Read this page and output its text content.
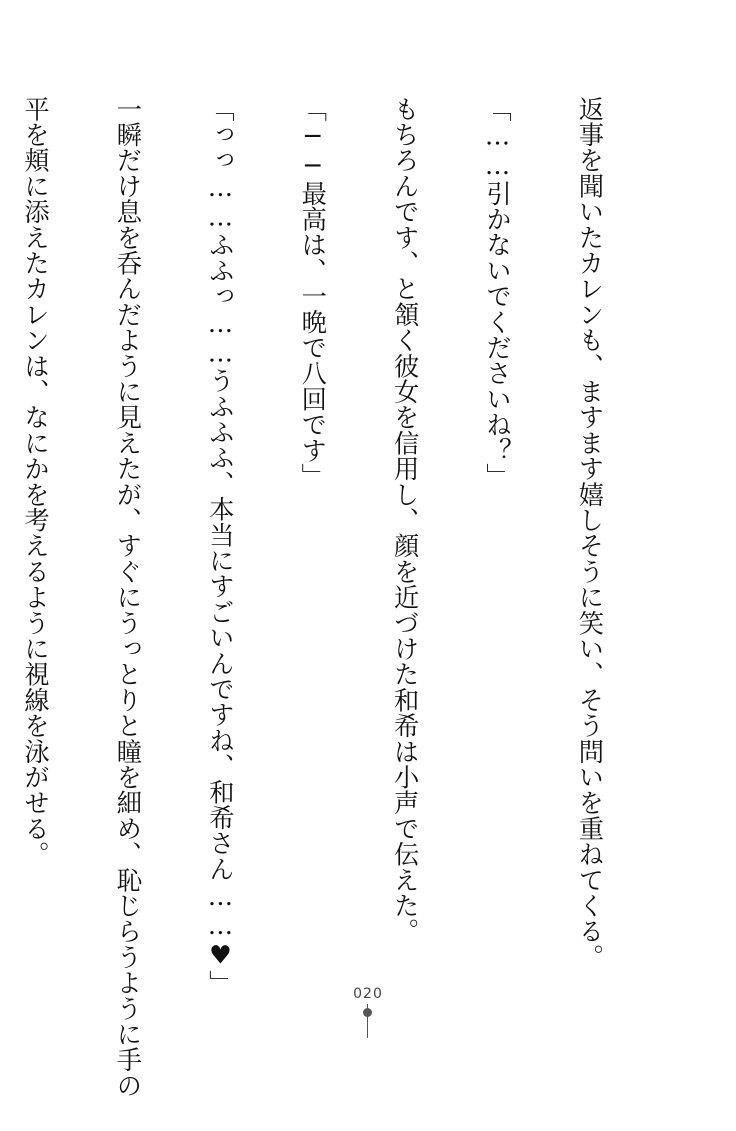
返事を聞いたカレンも、ますます嬉しそうに笑い、そう問いを重ねてくる。

「……引かないでくださいね？」

もちろんです、と頷く彼女を信用し、顔を近づけた和希は小声で伝えた。

「──最高は、一晩で八回です」

「っっ……ふふっ……うふふふ、本当にすごいんですね、和希さん……♥」

一瞬だけ息を呑んだように見えたが、すぐにうっとりと瞳を細め、恥じらうように手の

平を頬に添えたカレンは、なにかを考えるように視線を泳がせる。

020
